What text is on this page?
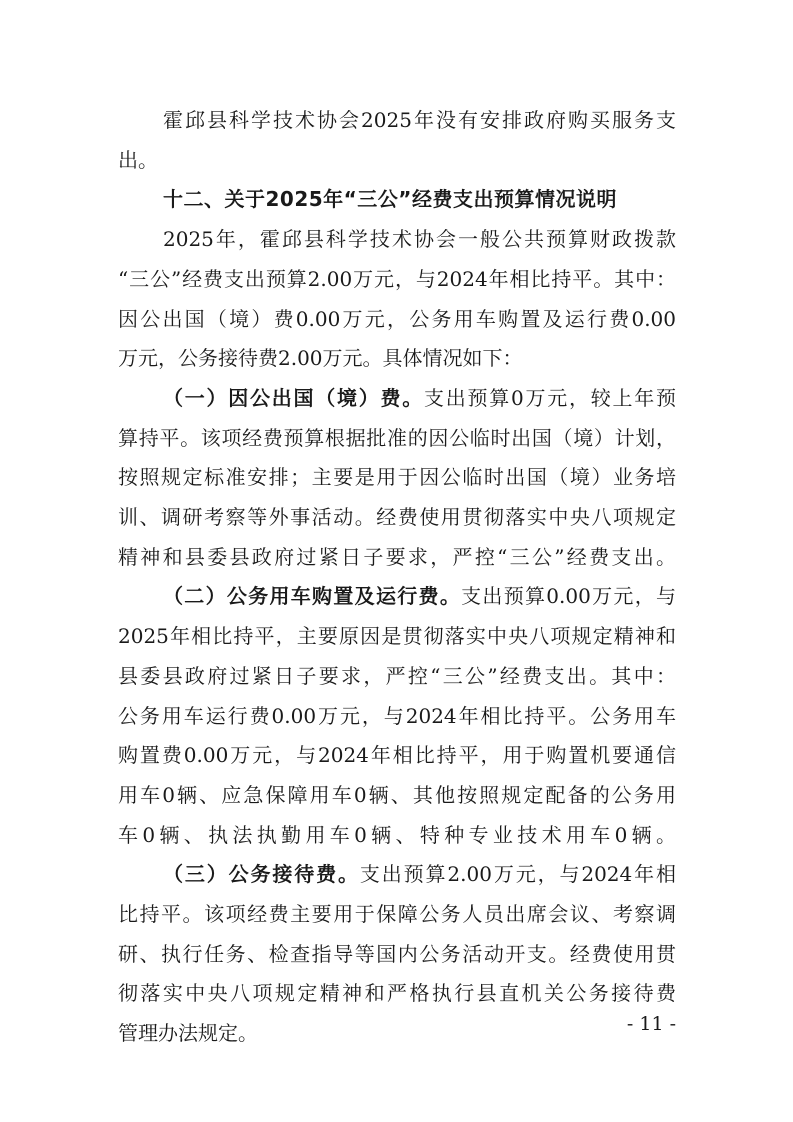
霍邱县科学技术协会2025年没有安排政府购买服务支
出。
十二、关于2025年“三公”经费支出预算情况说明
2025年，霍邱县科学技术协会一般公共预算财政拨款
“三公”经费支出预算2.00万元，与2024年相比持平。其中：
因公出国（境）费0.00万元，公务用车购置及运行费0.00
万元，公务接待费2.00万元。具体情况如下：
（一）因公出国（境）费。支出预算0万元，较上年预
算持平。该项经费预算根据批准的因公临时出国（境）计划，
按照规定标准安排；主要是用于因公临时出国（境）业务培
训、调研考察等外事活动。经费使用贯彻落实中央八项规定
精神和县委县政府过紧日子要求，严控“三公”经费支出。
（二）公务用车购置及运行费。支出预算0.00万元，与
2025年相比持平，主要原因是贯彻落实中央八项规定精神和
县委县政府过紧日子要求，严控“三公”经费支出。其中：
公务用车运行费0.00万元，与2024年相比持平。公务用车
购置费0.00万元，与2024年相比持平，用于购置机要通信
用车0辆、应急保障用车0辆、其他按照规定配备的公务用
车0辆、执法执勤用车0辆、特种专业技术用车0辆。
（三）公务接待费。支出预算2.00万元，与2024年相
比持平。该项经费主要用于保障公务人员出席会议、考察调
研、执行任务、检查指导等国内公务活动开支。经费使用贯
彻落实中央八项规定精神和严格执行县直机关公务接待费
管理办法规定。	- 11 -
